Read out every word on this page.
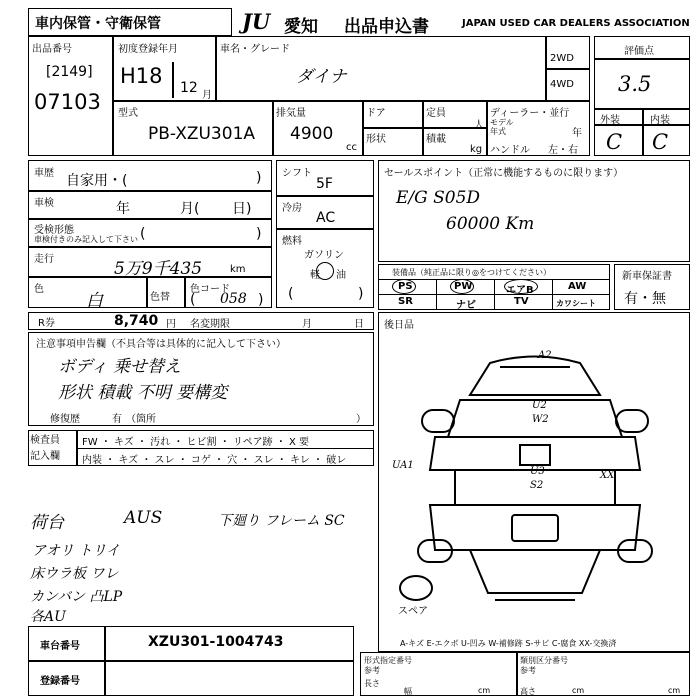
車内保管・守衛保管	JU 愛知 出品申込書	JAPAN USED CAR DEALERS ASSOCIATION
出品番号
[2149]
07103
初度登録年月
H18 12 月
車名・グレード
ダイナ
2WD
4WD
型式
PB-XZU301A
排気量
4900
cc
ドア	定員
人
形状	積載
kg
ディーラー・並行
モデル
年式	年
ハンドル 左・右
評価点
3.5
外装	内装
C C
車歴 自家用・(	)
車検	年	月( 日)
受検形態
車検付きのみ記入して下さい (	)
走行	5万9千435	km
色
白	色替
色コード
( 058 )
シフト
5F
冷房
AC
燃料
ガソリン
軽 油
(	)
セールスポイント（正常に機能するものに限ります）
E/G S05D
60000 Km
装備品（純正品に限り◎をつけてください）
PS	PW	エアB	AW
SR	ナビ	TV	カワシート
新車保証書
有・無
R券	8,740 円 名変期限	月	日
注意事項申告欄（不具合等は具体的に記入して下さい）
ボディ 乗せ替え
形状 積載 不明 要構変
修復歴	有 （箇所	）
検査員
記入欄
FW ・ キズ ・ 汚れ ・ ヒビ割 ・ リペア跡 ・ X 要
内装 ・ キズ ・ スレ ・ コゲ ・ 穴 ・ スレ ・ キレ ・ 破レ
後日品
A2
U2
W2
UA1
U3
S2
XX
スペア
A-キズ E-エクボ U-凹み W-補修跡 S-サビ C-腐食 XX-交換済
荷台	AUS	下廻り フレーム SC
アオリ トリイ
床ウラ板 ワレ
カンバン 凸LP
各AU
車台番号	XZU301-1004743
登録番号
形式指定番号
参考
類別区分番号
参考
長さ
幅	cm	高さ	cm	cm
